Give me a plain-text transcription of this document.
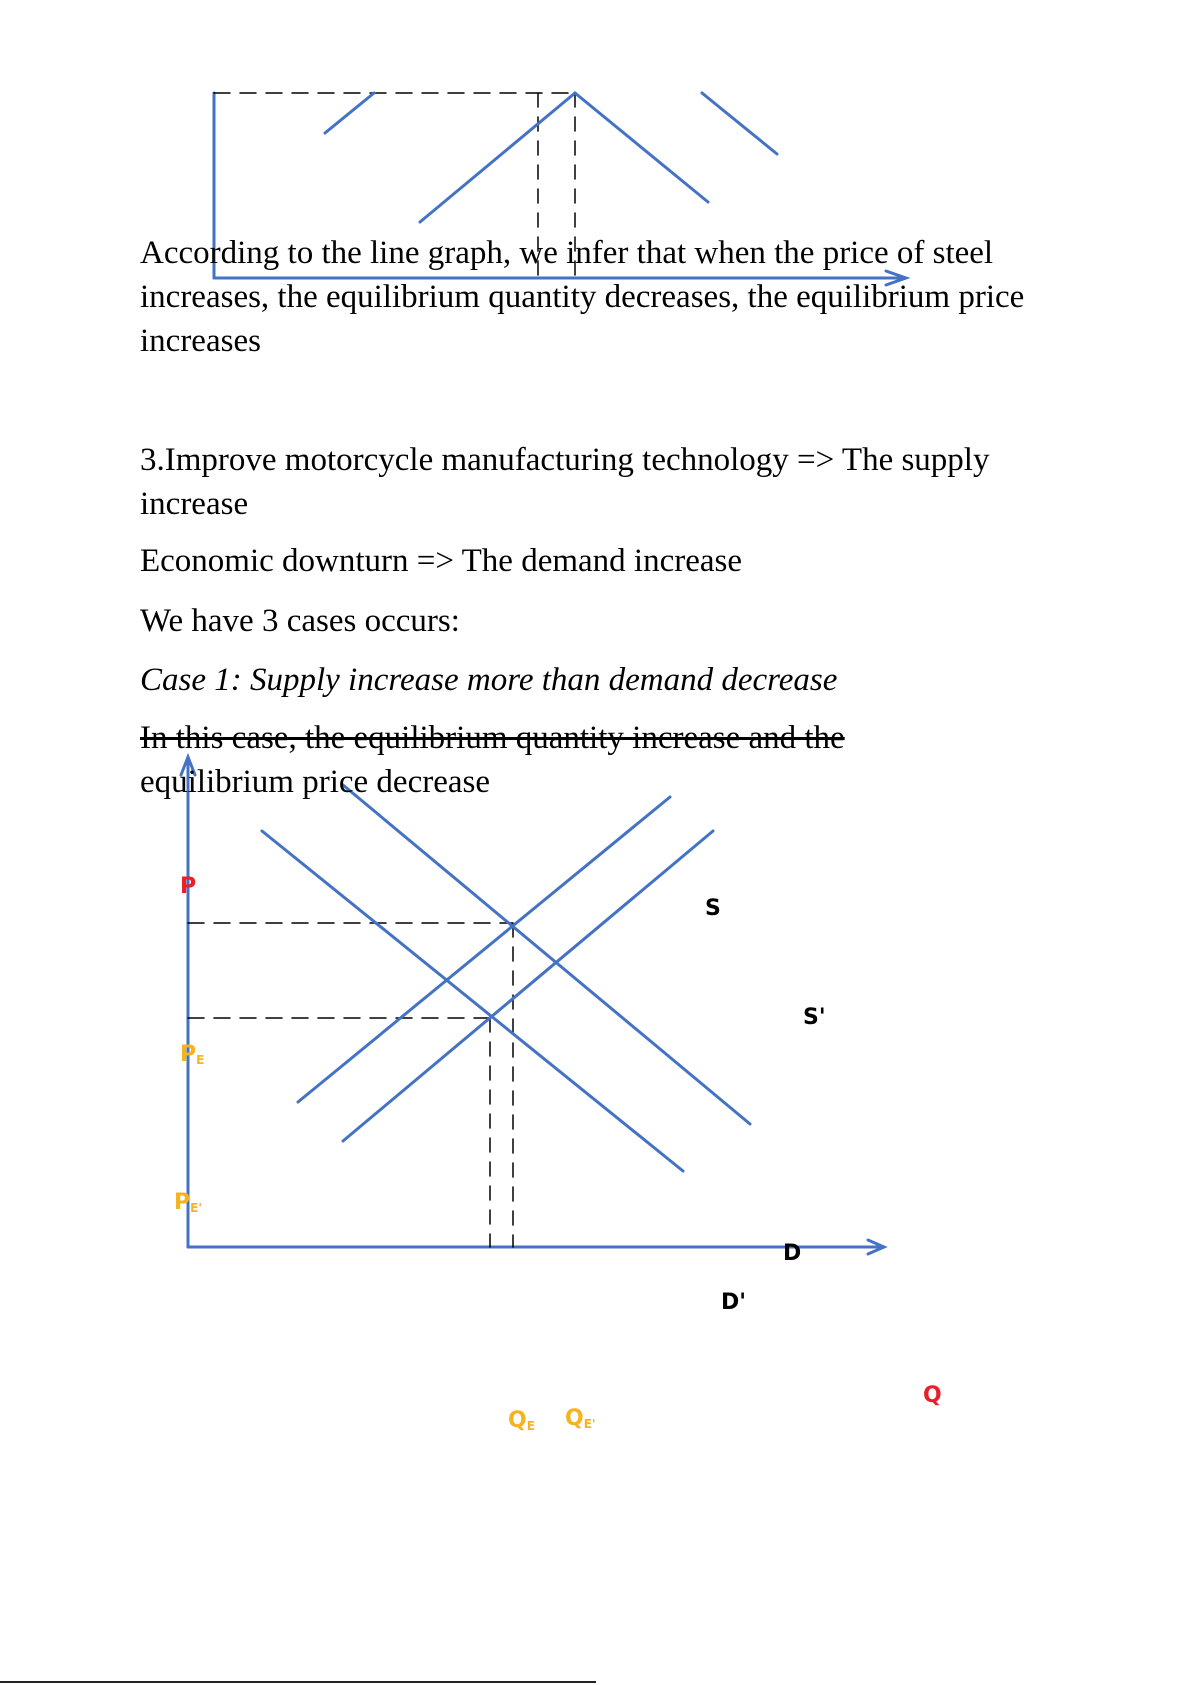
According to the line graph, we infer that when the price of steel increases, the equilibrium quantity decreases, the equilibrium price increases

3.Improve motorcycle manufacturing technology => The supply increase

Economic downturn => The demand increase

We have 3 cases occurs:

Case 1: Supply increase more than demand decrease

In this case, the equilibrium quantity increase and the

equilibrium price decrease

P
$P_E$
$P_{E'}$
S
S'
D
D'
Q
$Q_E$ $Q_{E'}$
